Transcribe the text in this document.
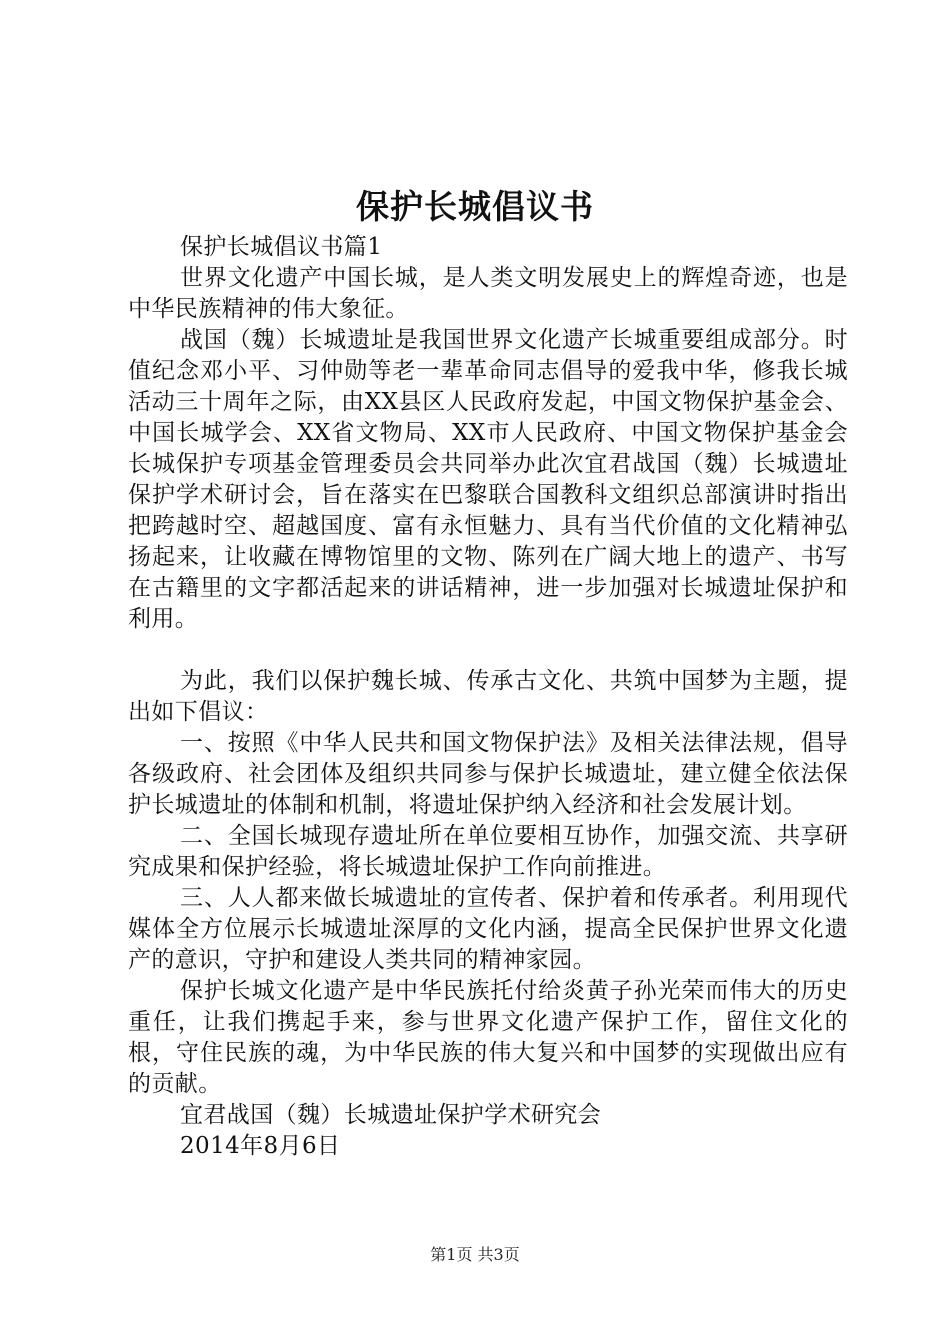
保护长城倡议书

保护长城倡议书篇1

世界文化遗产中国长城，是人类文明发展史上的辉煌奇迹，也是中华民族精神的伟大象征。

战国（魏）长城遗址是我国世界文化遗产长城重要组成部分。时值纪念邓小平、习仲勋等老一辈革命同志倡导的爱我中华，修我长城活动三十周年之际，由XX县区人民政府发起，中国文物保护基金会、中国长城学会、XX省文物局、XX市人民政府、中国文物保护基金会长城保护专项基金管理委员会共同举办此次宜君战国（魏）长城遗址保护学术研讨会，旨在落实在巴黎联合国教科文组织总部演讲时指出把跨越时空、超越国度、富有永恒魅力、具有当代价值的文化精神弘扬起来，让收藏在博物馆里的文物、陈列在广阔大地上的遗产、书写在古籍里的文字都活起来的讲话精神，进一步加强对长城遗址保护和利用。

为此，我们以保护魏长城、传承古文化、共筑中国梦为主题，提出如下倡议：

一、按照《中华人民共和国文物保护法》及相关法律法规，倡导各级政府、社会团体及组织共同参与保护长城遗址，建立健全依法保护长城遗址的体制和机制，将遗址保护纳入经济和社会发展计划。

二、全国长城现存遗址所在单位要相互协作，加强交流、共享研究成果和保护经验，将长城遗址保护工作向前推进。

三、人人都来做长城遗址的宣传者、保护着和传承者。利用现代媒体全方位展示长城遗址深厚的文化内涵，提高全民保护世界文化遗产的意识，守护和建设人类共同的精神家园。

保护长城文化遗产是中华民族托付给炎黄子孙光荣而伟大的历史重任，让我们携起手来，参与世界文化遗产保护工作，留住文化的根，守住民族的魂，为中华民族的伟大复兴和中国梦的实现做出应有的贡献。

宜君战国（魏）长城遗址保护学术研究会

2014年8月6日

第1页 共3页
